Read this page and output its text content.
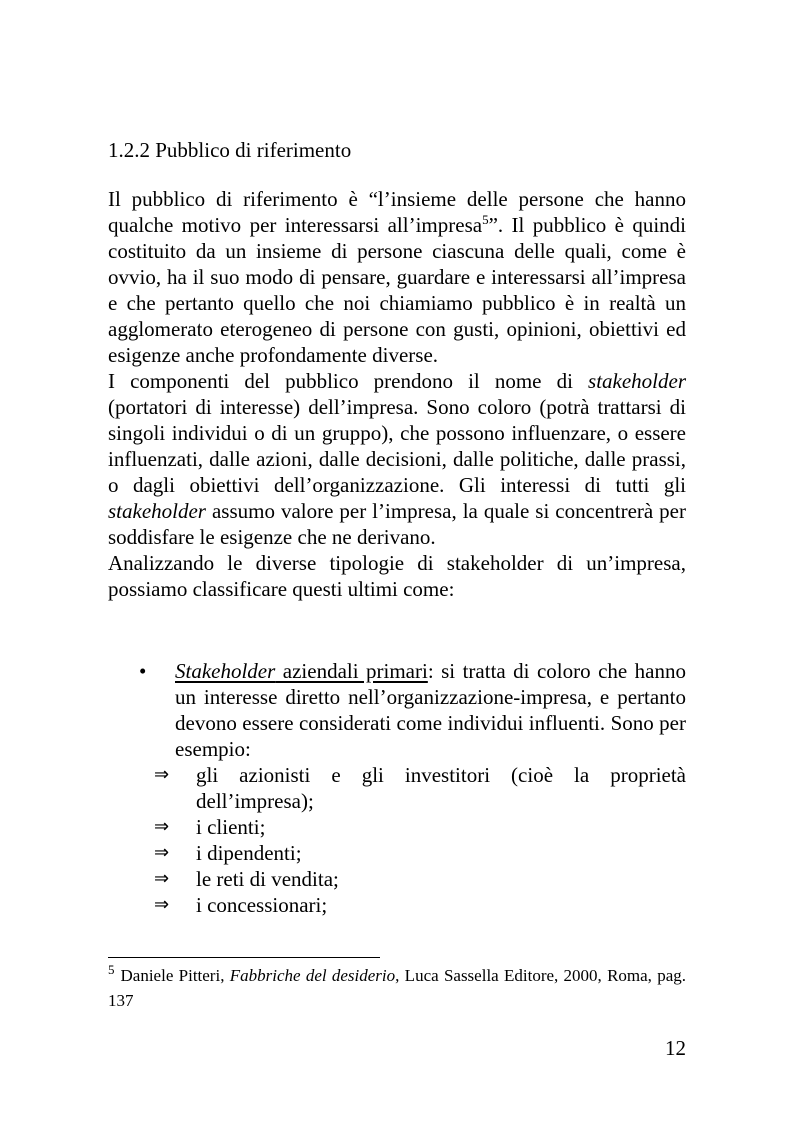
1.2.2 Pubblico di riferimento

Il pubblico di riferimento è “l’insieme delle persone che hanno qualche motivo per interessarsi all’impresa$^5$”. Il pubblico è quindi costituito da un insieme di persone ciascuna delle quali, come è ovvio, ha il suo modo di pensare, guardare e interessarsi all’impresa e che pertanto quello che noi chiamiamo pubblico è in realtà un agglomerato eterogeneo di persone con gusti, opinioni, obiettivi ed esigenze anche profondamente diverse.

I componenti del pubblico prendono il nome di stakeholder (portatori di interesse) dell’impresa. Sono coloro (potrà trattarsi di singoli individui o di un gruppo), che possono influenzare, o essere influenzati, dalle azioni, dalle decisioni, dalle politiche, dalle prassi, o dagli obiettivi dell’organizzazione. Gli interessi di tutti gli stakeholder assumo valore per l’impresa, la quale si concentrerà per soddisfare le esigenze che ne derivano.

Analizzando le diverse tipologie di stakeholder di un’impresa, possiamo classificare questi ultimi come:

• Stakeholder aziendali primari: si tratta di coloro che hanno un interesse diretto nell’organizzazione-impresa, e pertanto devono essere considerati come individui influenti. Sono per esempio:
⇒ gli azionisti e gli investitori (cioè la proprietà dell’impresa);
⇒ i clienti;
⇒ i dipendenti;
⇒ le reti di vendita;
⇒ i concessionari;
$^5$ Daniele Pitteri, Fabbriche del desiderio, Luca Sassella Editore, 2000, Roma, pag. 137
12
